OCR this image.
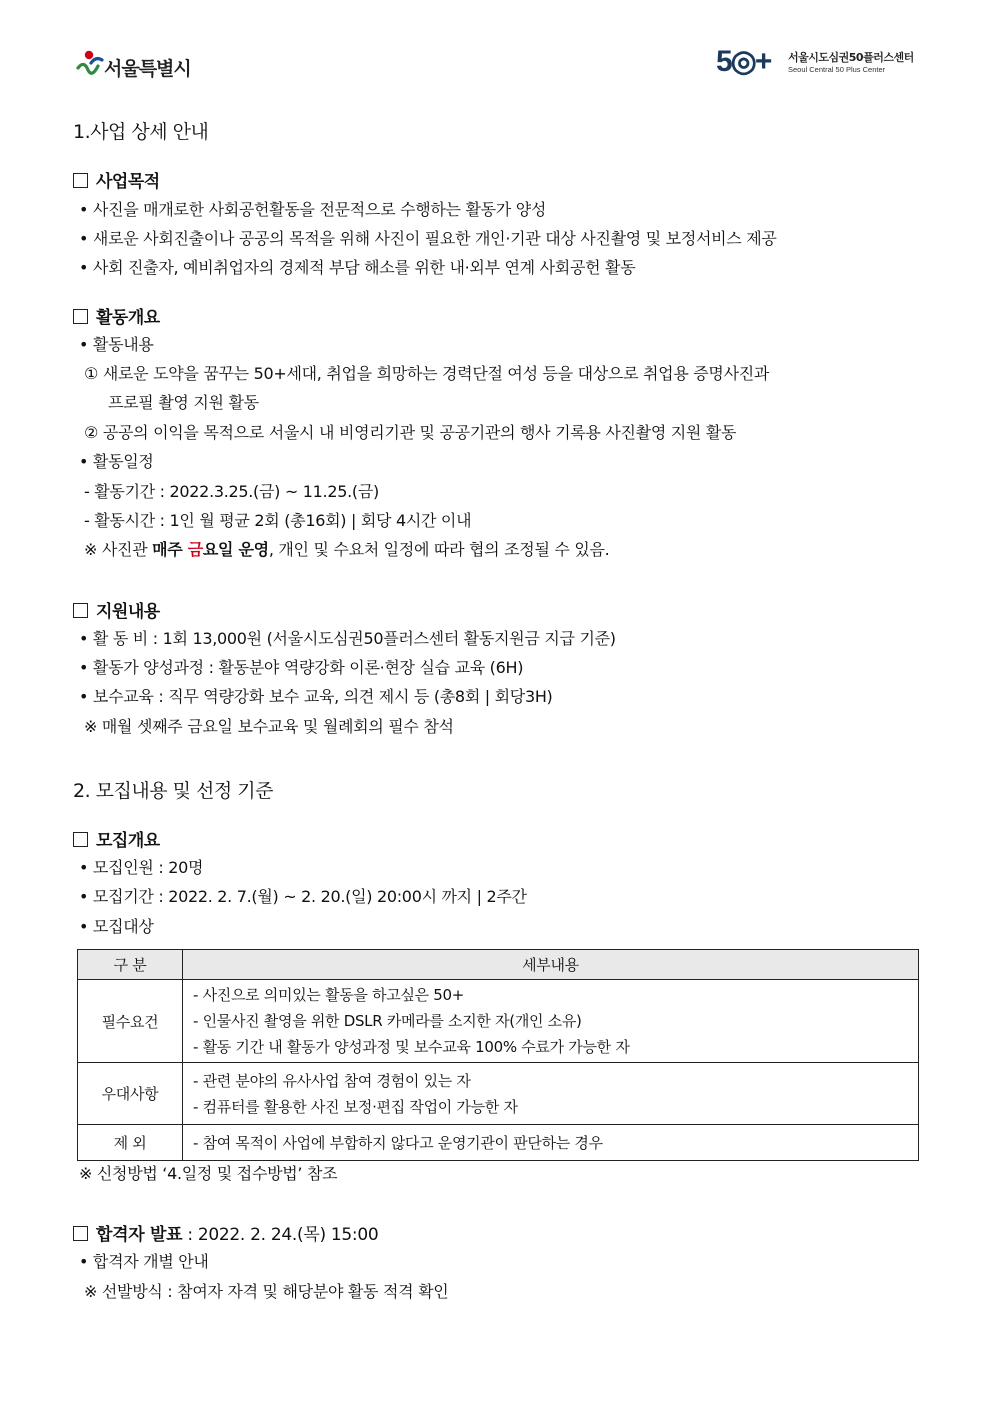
서울특별시	5◎+ 서울시도심권50플러스센터
Seoul Central 50 Plus Center
1.사업 상세 안내
사업목적
• 사진을 매개로한 사회공헌활동을 전문적으로 수행하는 활동가 양성
• 새로운 사회진출이나 공공의 목적을 위해 사진이 필요한 개인·기관 대상 사진촬영 및 보정서비스 제공
• 사회 진출자, 예비취업자의 경제적 부담 해소를 위한 내·외부 연계 사회공헌 활동
활동개요
• 활동내용
① 새로운 도약을 꿈꾸는 50+세대, 취업을 희망하는 경력단절 여성 등을 대상으로 취업용 증명사진과
프로필 촬영 지원 활동
② 공공의 이익을 목적으로 서울시 내 비영리기관 및 공공기관의 행사 기록용 사진촬영 지원 활동
• 활동일정
- 활동기간 : 2022.3.25.(금) ~ 11.25.(금)
- 활동시간 : 1인 월 평균 2회 (총16회) | 회당 4시간 이내
※ 사진관 매주 금요일 운영, 개인 및 수요처 일정에 따라 협의 조정될 수 있음.
지원내용
• 활 동 비 : 1회 13,000원 (서울시도심권50플러스센터 활동지원금 지급 기준)
• 활동가 양성과정 : 활동분야 역량강화 이론·현장 실습 교육 (6H)
• 보수교육 : 직무 역량강화 보수 교육, 의견 제시 등 (총8회 | 회당3H)
※ 매월 셋째주 금요일 보수교육 및 월례회의 필수 참석
2. 모집내용 및 선정 기준
모집개요
• 모집인원 : 20명
• 모집기간 : 2022. 2. 7.(월) ~ 2. 20.(일) 20:00시 까지 | 2주간
• 모집대상
구 분	세부내용
필수요건	- 사진으로 의미있는 활동을 하고싶은 50+
- 인물사진 촬영을 위한 DSLR 카메라를 소지한 자(개인 소유)
- 활동 기간 내 활동가 양성과정 및 보수교육 100% 수료가 가능한 자

우대사항	- 관련 분야의 유사사업 참여 경험이 있는 자
- 컴퓨터를 활용한 사진 보정·편집 작업이 가능한 자

제 외	- 참여 목적이 사업에 부합하지 않다고 운영기관이 판단하는 경우
※ 신청방법 ‘4.일정 및 접수방법’ 참조
합격자 발표 : 2022. 2. 24.(목) 15:00
• 합격자 개별 안내
※ 선발방식 : 참여자 자격 및 해당분야 활동 적격 확인
